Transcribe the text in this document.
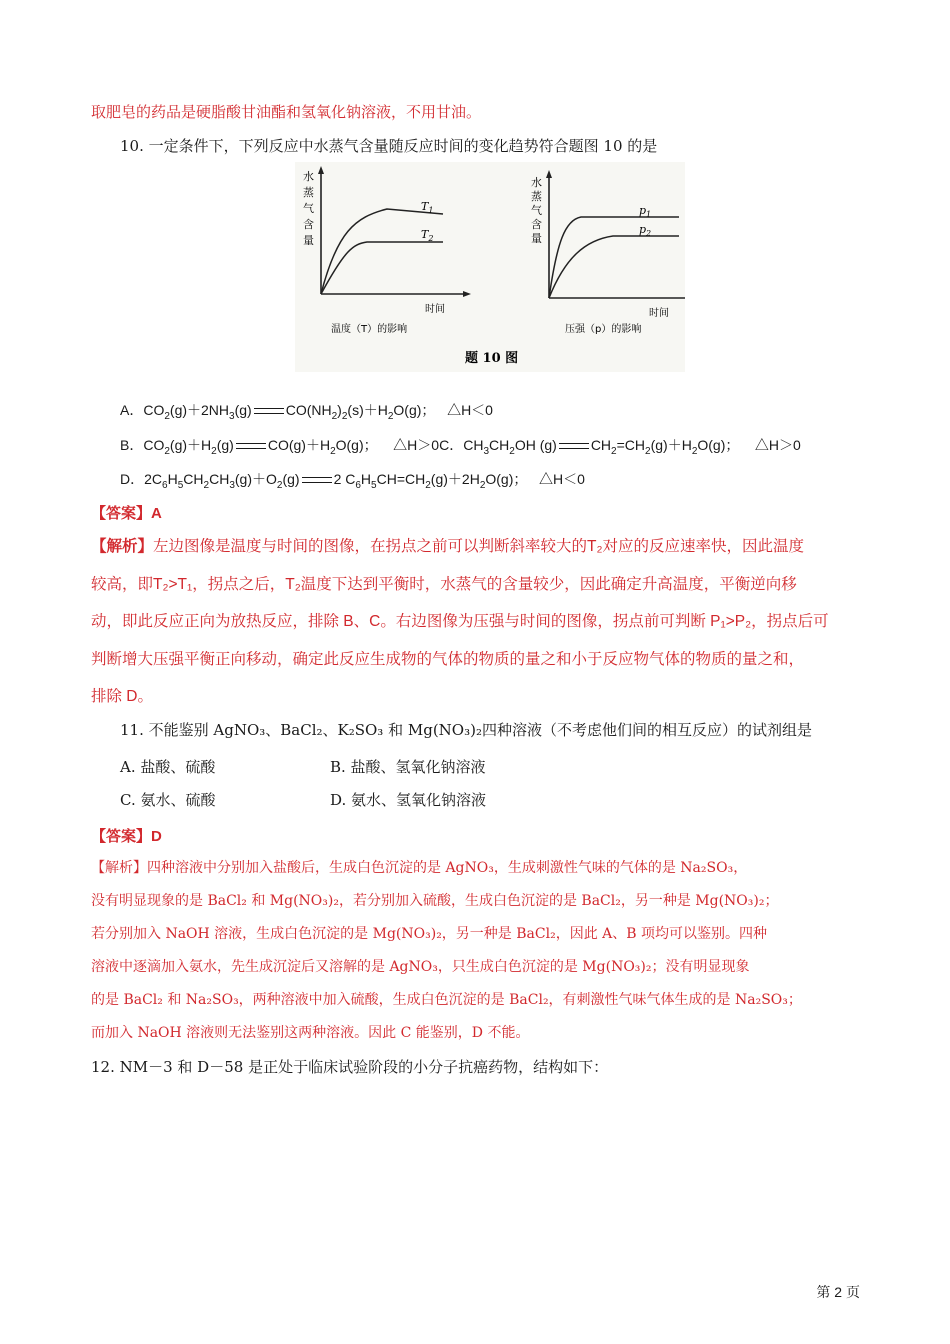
取肥皂的药品是硬脂酸甘油酯和氢氧化钠溶液，不用甘油。
10. 一定条件下，下列反应中水蒸气含量随反应时间的变化趋势符合题图 10 的是
水
蒸
气
含
量
$T_1$
$T_2$
时间
温度（T）的影响
水
蒸
气
含
量
$p_1$
$p_2$
时间
压强（p）的影响
题 10 图
A．$CO_2(g)+2NH_3(g)$ $CO(NH_2)_2(s)+H_2O(g)$；   △H＜0
B．$CO_2(g)+H_2(g)$ $CO(g)+H_2O(g)$；    △H＞0C．$CH_3CH_2OH$ (g) $CH_2=CH_2(g)+H_2O(g)$；    △H＞0
D．$2C_6H_5CH_2CH_3(g)+O_2(g)$ 2 $C_6H_5CH=CH_2(g)+2H_2O(g)$；   △H＜0
【答案】A
【解析】左边图像是温度与时间的图像，在拐点之前可以判断斜率较大的T₂对应的反应速率快，因此温度
较高，即T₂>T₁，拐点之后，T₂温度下达到平衡时，水蒸气的含量较少，因此确定升高温度，平衡逆向移
动，即此反应正向为放热反应，排除 B、C。右边图像为压强与时间的图像，拐点前可判断 P₁>P₂，拐点后可
判断增大压强平衡正向移动，确定此反应生成物的气体的物质的量之和小于反应物气体的物质的量之和，
排除 D。
11. 不能鉴别 AgNO₃、BaCl₂、K₂SO₃ 和 Mg(NO₃)₂四种溶液（不考虑他们间的相互反应）的试剂组是
A. 盐酸、硫酸	B. 盐酸、氢氧化钠溶液
C. 氨水、硫酸	D. 氨水、氢氧化钠溶液
【答案】D
【解析】四种溶液中分别加入盐酸后，生成白色沉淀的是 AgNO₃，生成刺激性气味的气体的是 Na₂SO₃，
没有明显现象的是 BaCl₂ 和 Mg(NO₃)₂，若分别加入硫酸，生成白色沉淀的是 BaCl₂，另一种是 Mg(NO₃)₂；
若分别加入 NaOH 溶液，生成白色沉淀的是 Mg(NO₃)₂，另一种是 BaCl₂，因此 A、B 项均可以鉴别。四种
溶液中逐滴加入氨水，先生成沉淀后又溶解的是 AgNO₃，只生成白色沉淀的是 Mg(NO₃)₂；没有明显现象
的是 BaCl₂ 和 Na₂SO₃，两种溶液中加入硫酸，生成白色沉淀的是 BaCl₂，有刺激性气味气体生成的是 Na₂SO₃；
而加入 NaOH 溶液则无法鉴别这两种溶液。因此 C 能鉴别，D 不能。
12. NM－3 和 D－58 是正处于临床试验阶段的小分子抗癌药物，结构如下：
第 2 页
